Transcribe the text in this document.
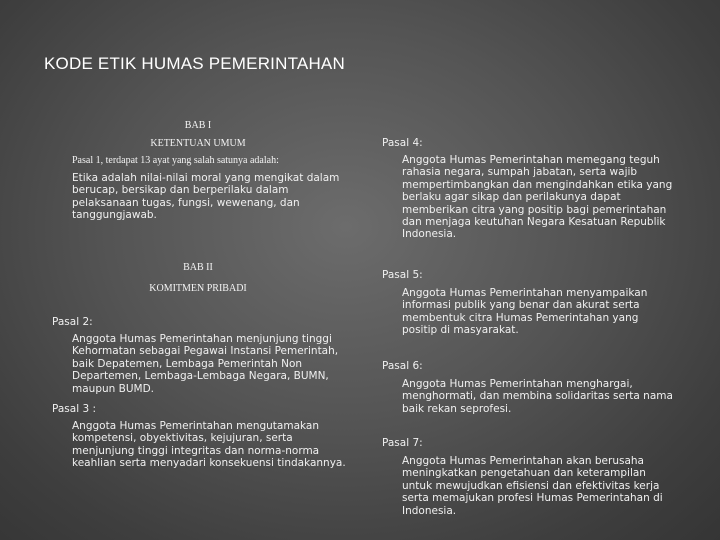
KODE ETIK HUMAS PEMERINTAHAN
BAB I
KETENTUAN UMUM
Pasal 1, terdapat 13 ayat yang salah satunya adalah:
Etika adalah nilai-nilai moral yang mengikat dalam
berucap, bersikap dan berperilaku dalam
pelaksanaan tugas, fungsi, wewenang, dan
tanggungjawab.
BAB II
KOMITMEN PRIBADI
Pasal 2:
Anggota Humas Pemerintahan menjunjung tinggi
Kehormatan sebagai Pegawai Instansi Pemerintah,
baik Depatemen, Lembaga Pemerintah Non
Departemen, Lembaga-Lembaga Negara, BUMN,
maupun BUMD.
Pasal 3 :
Anggota Humas Pemerintahan mengutamakan
kompetensi, obyektivitas, kejujuran, serta
menjunjung tinggi integritas dan norma-norma
keahlian serta menyadari konsekuensi tindakannya.
Pasal 4:
Anggota Humas Pemerintahan memegang teguh
rahasia negara, sumpah jabatan, serta wajib
mempertimbangkan dan mengindahkan etika yang
berlaku agar sikap dan perilakunya dapat
memberikan citra yang positip bagi pemerintahan
dan menjaga keutuhan Negara Kesatuan Republik
Indonesia.
Pasal 5:
Anggota Humas Pemerintahan menyampaikan
informasi publik yang benar dan akurat serta
membentuk citra Humas Pemerintahan yang
positip di masyarakat.
Pasal 6:
Anggota Humas Pemerintahan menghargai,
menghormati, dan membina solidaritas serta nama
baik rekan seprofesi.
Pasal 7:
Anggota Humas Pemerintahan akan berusaha
meningkatkan pengetahuan dan keterampilan
untuk mewujudkan efisiensi dan efektivitas kerja
serta memajukan profesi Humas Pemerintahan di
Indonesia.
